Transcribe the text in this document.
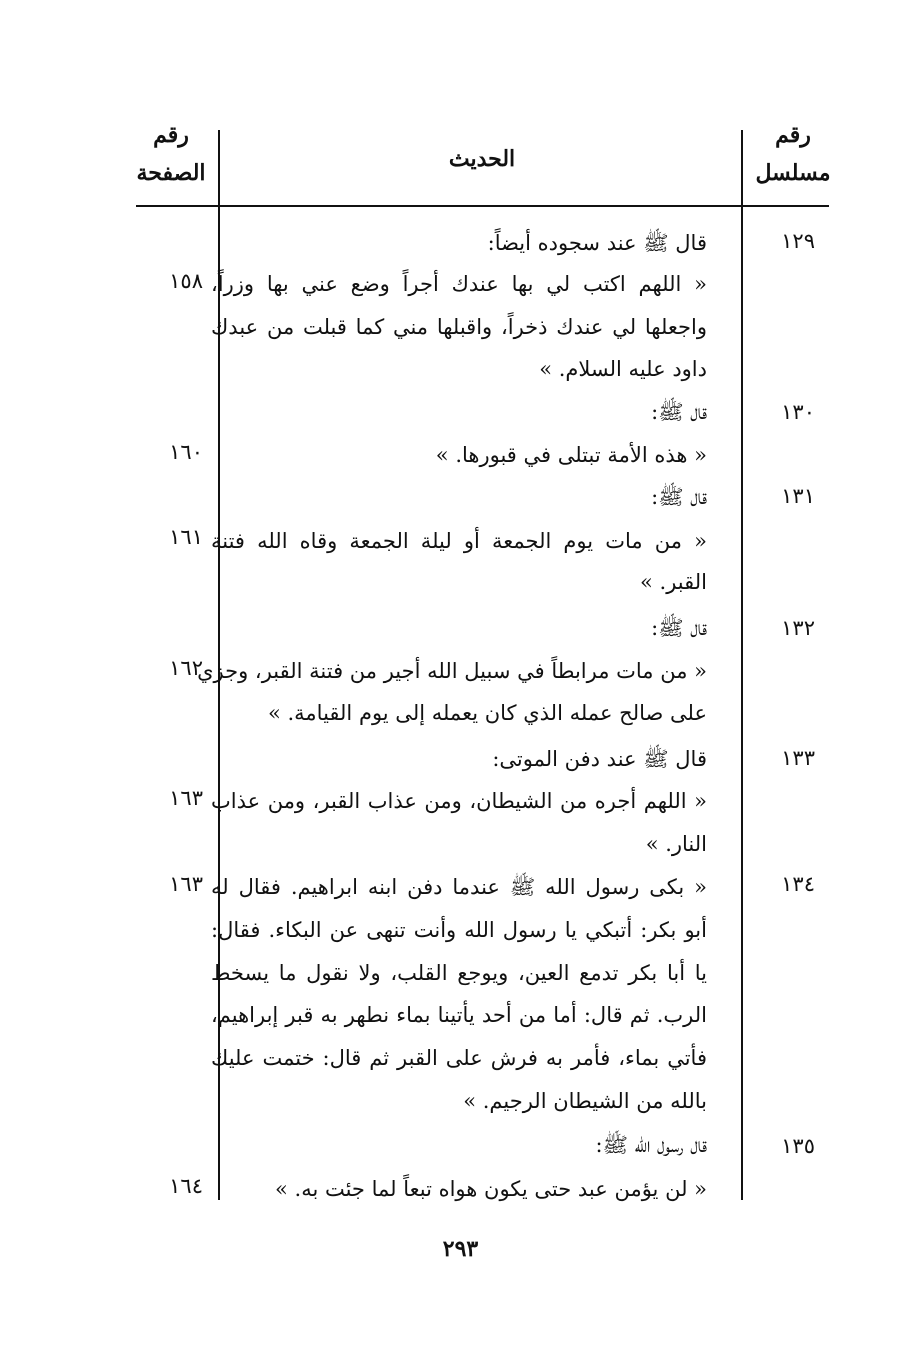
رقم
مسلسل
الحديث
رقم
الصفحة
١٢٩
١٥٨
قال ﷺ عند سجوده أيضاً:
« اللهم اكتب لي بها عندك أجراً وضع عني بها وزراً،
واجعلها لي عندك ذخراً، واقبلها مني كما قبلت من عبدك
داود عليه السلام. »
١٣٠
١٦٠
قال ﷺ:
« هذه الأمة تبتلى في قبورها. »
١٣١
١٦١
قال ﷺ:
« من مات يوم الجمعة أو ليلة الجمعة وقاه الله فتنة
القبر. »
١٣٢
١٦٢
قال ﷺ:
« من مات مرابطاً في سبيل الله أجير من فتنة القبر، وجزي
على صالح عمله الذي كان يعمله إلى يوم القيامة. »
١٣٣
١٦٣
قال ﷺ عند دفن الموتى:
« اللهم أجره من الشيطان، ومن عذاب القبر، ومن عذاب
النار. »
١٣٤
١٦٣ « بكى رسول الله ﷺ عندما دفن ابنه ابراهيم. فقال له
أبو بكر: أتبكي يا رسول الله وأنت تنهى عن البكاء. فقال:
يا أبا بكر تدمع العين، ويوجع القلب، ولا نقول ما يسخط
الرب. ثم قال: أما من أحد يأتينا بماء نطهر به قبر إبراهيم،
فأتي بماء، فأمر به فرش على القبر ثم قال: ختمت عليك
بالله من الشيطان الرجيم. »
١٣٥
١٦٤
قال رسول الله ﷺ:
« لن يؤمن عبد حتى يكون هواه تبعاً لما جئت به. »
٢٩٣
